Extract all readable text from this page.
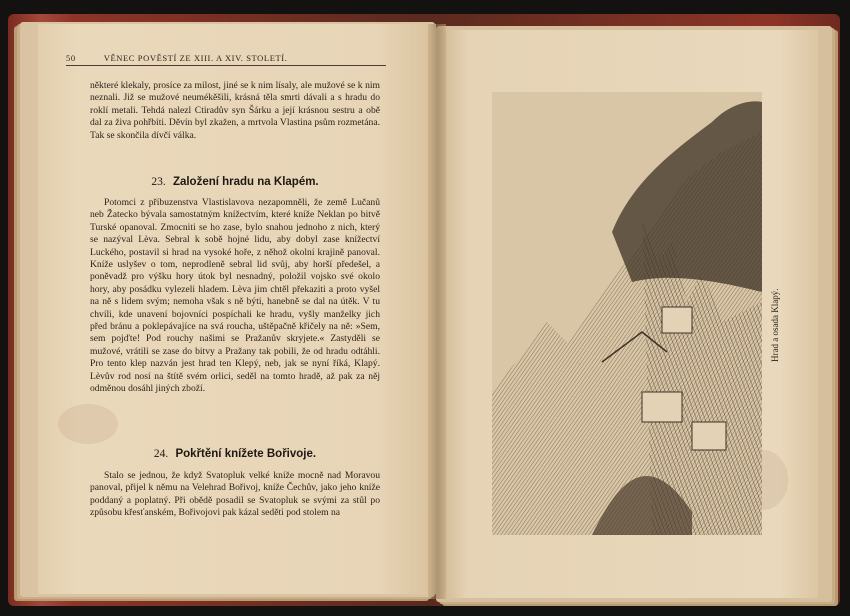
50	VĚNEC POVĚSTÍ ZE XIII. A XIV. STOLETÍ.

některé klekaly, prosíce za milost, jiné se k nim lísaly, ale mužové se k nim neznali. Již se mužové neumékěšili, krásná těla smrti dávali a s hradu do roklí metali. Tehdá nalezl Ctiradův syn Šárku a její krásnou sestru a obě dal za živa pohřbíti. Děvín byl zkažen, a mrtvola Vlastina psům rozmetána. Tak se skončila dívčí válka.

23. Založení hradu na Klapém.

Potomci z příbuzenstva Vlastislavova nezapomněli, že země Lučanů neb Žatecko bývala samostatným knížectvím, které kníže Neklan po bitvě Turské opanoval. Zmocniti se ho zase, bylo snahou jednoho z nich, který se nazýval Lèva. Sebral k sobě hojné lidu, aby dobyl zase knížectví Luckého, postavil si hrad na vysoké hoře, z něhož okolní krajině panoval. Kníže uslyšev o tom, neprodleně sebral lid svůj, aby horší předešel, a poněvadž pro výšku hory útok byl nesnadný, položil vojsko své okolo hory, aby posádku vylezeli hladem. Lèva jim chtěl překaziti a proto vyšel na ně s lidem svým; nemoha však s ně býti, hanebně se dal na útěk. V tu chvíli, kde unavení bojovníci pospíchali ke hradu, vyšly manželky jich před bránu a poklepávajíce na svá roucha, uštěpačně křičely na ně: »Sem, sem pojďte! Pod rouchy našimi se Pražanův skryjete.« Zastyděli se mužové, vrátili se zase do bitvy a Pražany tak pobili, že od hradu odtáhli. Pro tento klep nazván jest hrad ten Klepý, neb, jak se nyní říká, Klapý. Lèvův rod nosí na štítě svém orlici, seděl na tomto hradě, až pak za něj odměnou dosáhl jiných zboží.

24. Pokřtění knížete Bořivoje.

Stalo se jednou, že když Svatopluk velké kníže mocně nad Moravou panoval, přijel k němu na Velehrad Bořivoj, kníže Čechův, jako jeho kníže poddaný a poplatný. Při obědě posadil se Svatopluk se svými za stůl po způsobu křesťanském, Bořivojovi pak kázal seděti pod stolem na

Hrad a osada Klapý.
